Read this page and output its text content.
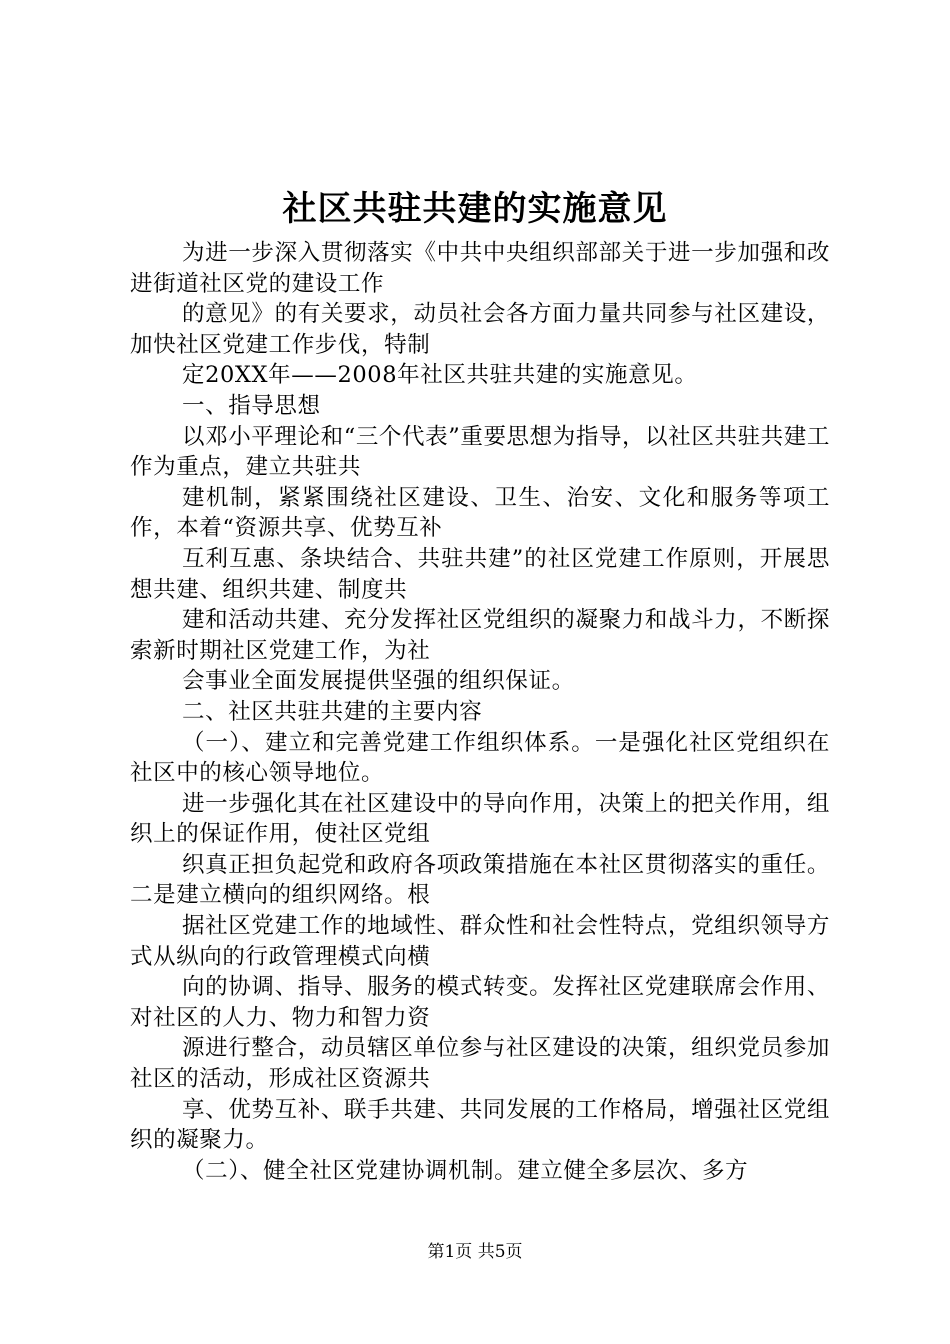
社区共驻共建的实施意见

为进一步深入贯彻落实《中共中央组织部部关于进一步加强和改进街道社区党的建设工作

的意见》的有关要求，动员社会各方面力量共同参与社区建设，加快社区党建工作步伐，特制

定20XX年——2008年社区共驻共建的实施意见。

一、指导思想

以邓小平理论和“三个代表”重要思想为指导，以社区共驻共建工作为重点，建立共驻共

建机制，紧紧围绕社区建设、卫生、治安、文化和服务等项工作，本着“资源共享、优势互补

互利互惠、条块结合、共驻共建”的社区党建工作原则，开展思想共建、组织共建、制度共

建和活动共建、充分发挥社区党组织的凝聚力和战斗力，不断探索新时期社区党建工作，为社

会事业全面发展提供坚强的组织保证。

二、社区共驻共建的主要内容

（一）、建立和完善党建工作组织体系。一是强化社区党组织在社区中的核心领导地位。

进一步强化其在社区建设中的导向作用，决策上的把关作用，组织上的保证作用，使社区党组

织真正担负起党和政府各项政策措施在本社区贯彻落实的重任。二是建立横向的组织网络。根

据社区党建工作的地域性、群众性和社会性特点，党组织领导方式从纵向的行政管理模式向横

向的协调、指导、服务的模式转变。发挥社区党建联席会作用、对社区的人力、物力和智力资

源进行整合，动员辖区单位参与社区建设的决策，组织党员参加社区的活动，形成社区资源共

享、优势互补、联手共建、共同发展的工作格局，增强社区党组织的凝聚力。

（二）、健全社区党建协调机制。建立健全多层次、多方

第1页 共5页
